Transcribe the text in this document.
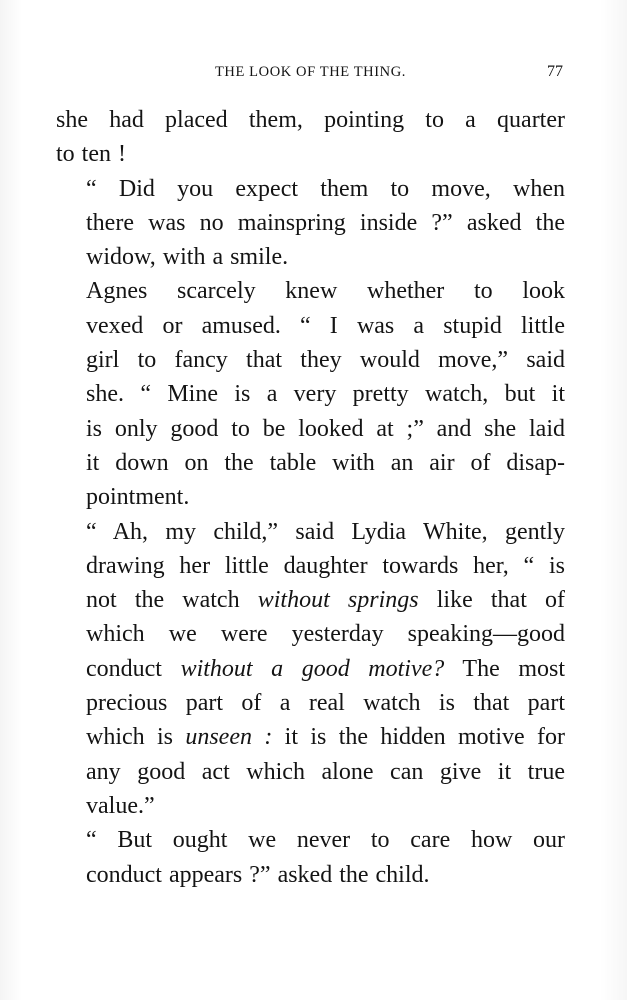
THE LOOK OF THE THING.	77

she had placed them, pointing to a quarter
to ten !

“ Did you expect them to move, when
there was no mainspring inside ?” asked the
widow, with a smile.

Agnes scarcely knew whether to look
vexed or amused. “ I was a stupid little
girl to fancy that they would move,” said
she. “ Mine is a very pretty watch, but it
is only good to be looked at ;” and she laid
it down on the table with an air of disap-
pointment.

“ Ah, my child,” said Lydia White, gently
drawing her little daughter towards her, “ is
not the watch without springs like that of
which we were yesterday speaking—good
conduct without a good motive? The most
precious part of a real watch is that part
which is unseen : it is the hidden motive for
any good act which alone can give it true
value.”

“ But ought we never to care how our
conduct appears ?” asked the child.
